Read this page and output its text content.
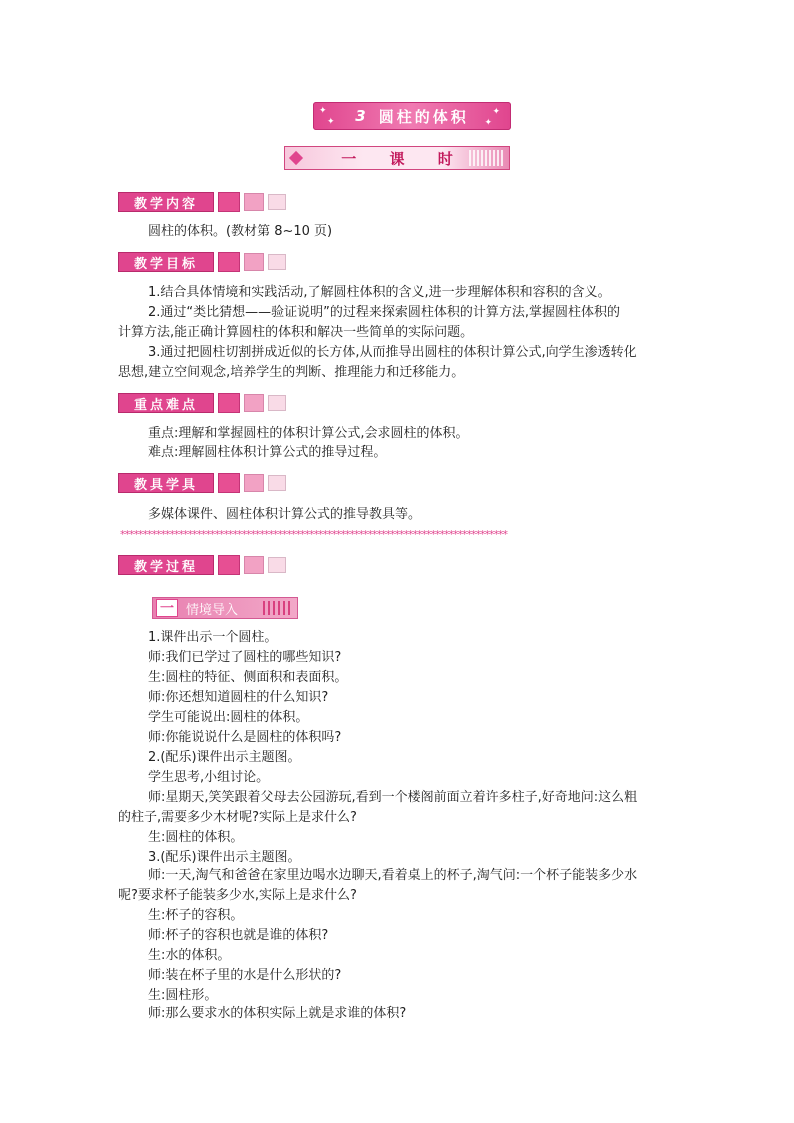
✦
✦
✦
✦
3 圆柱的体积
一 课 时
教学内容
圆柱的体积。(教材第 8~10 页)
教学目标
1.结合具体情境和实践活动,了解圆柱体积的含义,进一步理解体积和容积的含义。
2.通过“类比猜想——验证说明”的过程来探索圆柱体积的计算方法,掌握圆柱体积的
计算方法,能正确计算圆柱的体积和解决一些简单的实际问题。
3.通过把圆柱切割拼成近似的长方体,从而推导出圆柱的体积计算公式,向学生渗透转化
思想,建立空间观念,培养学生的判断、推理能力和迁移能力。
重点难点
重点:理解和掌握圆柱的体积计算公式,会求圆柱的体积。
难点:理解圆柱体积计算公式的推导过程。
教具学具
多媒体课件、圆柱体积计算公式的推导教具等。
**************************************************************************************
教学过程
一 情境导入
1.课件出示一个圆柱。
师:我们已学过了圆柱的哪些知识?
生:圆柱的特征、侧面积和表面积。
师:你还想知道圆柱的什么知识?
学生可能说出:圆柱的体积。
师:你能说说什么是圆柱的体积吗?
2.(配乐)课件出示主题图。
学生思考,小组讨论。
师:星期天,笑笑跟着父母去公园游玩,看到一个楼阁前面立着许多柱子,好奇地问:这么粗
的柱子,需要多少木材呢?实际上是求什么?
生:圆柱的体积。
3.(配乐)课件出示主题图。
师:一天,淘气和爸爸在家里边喝水边聊天,看着桌上的杯子,淘气问:一个杯子能装多少水
呢?要求杯子能装多少水,实际上是求什么?
生:杯子的容积。
师:杯子的容积也就是谁的体积?
生:水的体积。
师:装在杯子里的水是什么形状的?
生:圆柱形。
师:那么要求水的体积实际上就是求谁的体积?
